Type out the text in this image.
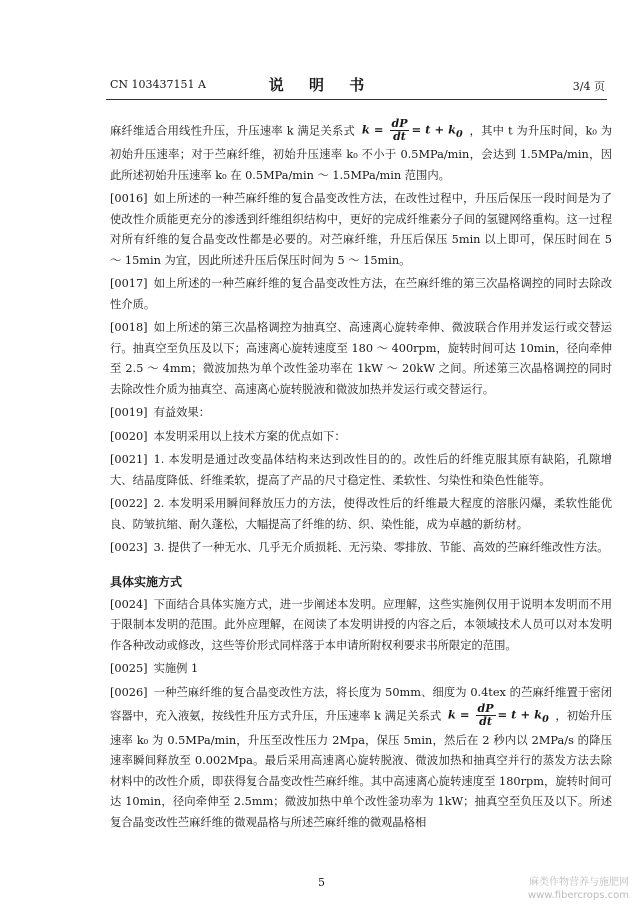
CN 103437151 A	说 明 书	3/4 页

麻纤维适合用线性升压，升压速率 k 满足关系式 $k = \frac{dP}{dt} = t + k_0$ ，其中 t 为升压时间，k₀ 为初始升压速率；对于苎麻纤维，初始升压速率 k₀ 不小于 0.5MPa/min，会达到 1.5MPa/min，因此所述初始升压速率 k₀ 在 0.5MPa/min ～ 1.5MPa/min 范围内。

[0016] 如上所述的一种苎麻纤维的复合晶变改性方法，在改性过程中，升压后保压一段时间是为了使改性介质能更充分的渗透到纤维组织结构中，更好的完成纤维素分子间的氢键网络重构。这一过程对所有纤维的复合晶变改性都是必要的。对苎麻纤维，升压后保压 5min 以上即可，保压时间在 5 ～ 15min 为宜，因此所述升压后保压时间为 5 ～ 15min。

[0017] 如上所述的一种苎麻纤维的复合晶变改性方法，在苎麻纤维的第三次晶格调控的同时去除改性介质。

[0018] 如上所述的第三次晶格调控为抽真空、高速离心旋转牵伸、微波联合作用并发运行或交替运行。抽真空至负压及以下；高速离心旋转速度至 180 ～ 400rpm，旋转时间可达 10min，径向牵伸至 2.5 ～ 4mm；微波加热为单个改性釜功率在 1kW ～ 20kW 之间。所述第三次晶格调控的同时去除改性介质为抽真空、高速离心旋转脱液和微波加热并发运行或交替运行。

[0019] 有益效果：

[0020] 本发明采用以上技术方案的优点如下：

[0021] 1. 本发明是通过改变晶体结构来达到改性目的的。改性后的纤维克服其原有缺陷，孔隙增大、结晶度降低、纤维柔软，提高了产品的尺寸稳定性、柔软性、匀染性和染色性能等。

[0022] 2. 本发明采用瞬间释放压力的方法，使得改性后的纤维最大程度的溶胀闪爆，柔软性能优良、防皱抗缩、耐久蓬松，大幅提高了纤维的纺、织、染性能，成为卓越的新纺材。

[0023] 3. 提供了一种无水、几乎无介质损耗、无污染、零排放、节能、高效的苎麻纤维改性方法。

具体实施方式

[0024] 下面结合具体实施方式，进一步阐述本发明。应理解，这些实施例仅用于说明本发明而不用于限制本发明的范围。此外应理解，在阅读了本发明讲授的内容之后，本领域技术人员可以对本发明作各种改动或修改，这些等价形式同样落于本申请所附权利要求书所限定的范围。

[0025] 实施例 1

[0026] 一种苎麻纤维的复合晶变改性方法，将长度为 50mm、细度为 0.4tex 的苎麻纤维置于密闭容器中，充入液氨，按线性升压方式升压，升压速率 k 满足关系式 $k = \frac{dP}{dt} = t + k_0$ ，初始升压速率 k₀ 为 0.5MPa/min，升压至改性压力 2Mpa，保压 5min，然后在 2 秒内以 2MPa/s 的降压速率瞬间释放至 0.002Mpa。最后采用高速离心旋转脱液、微波加热和抽真空并行的蒸发方法去除材料中的改性介质，即获得复合晶变改性苎麻纤维。其中高速离心旋转速度至 180rpm，旋转时间可达 10min，径向牵伸至 2.5mm；微波加热中单个改性釜功率为 1kW；抽真空至负压及以下。所述复合晶变改性苎麻纤维的微观晶格与所述苎麻纤维的微观晶格相

5	麻类作物营养与施肥网
www.fibercrops.com
